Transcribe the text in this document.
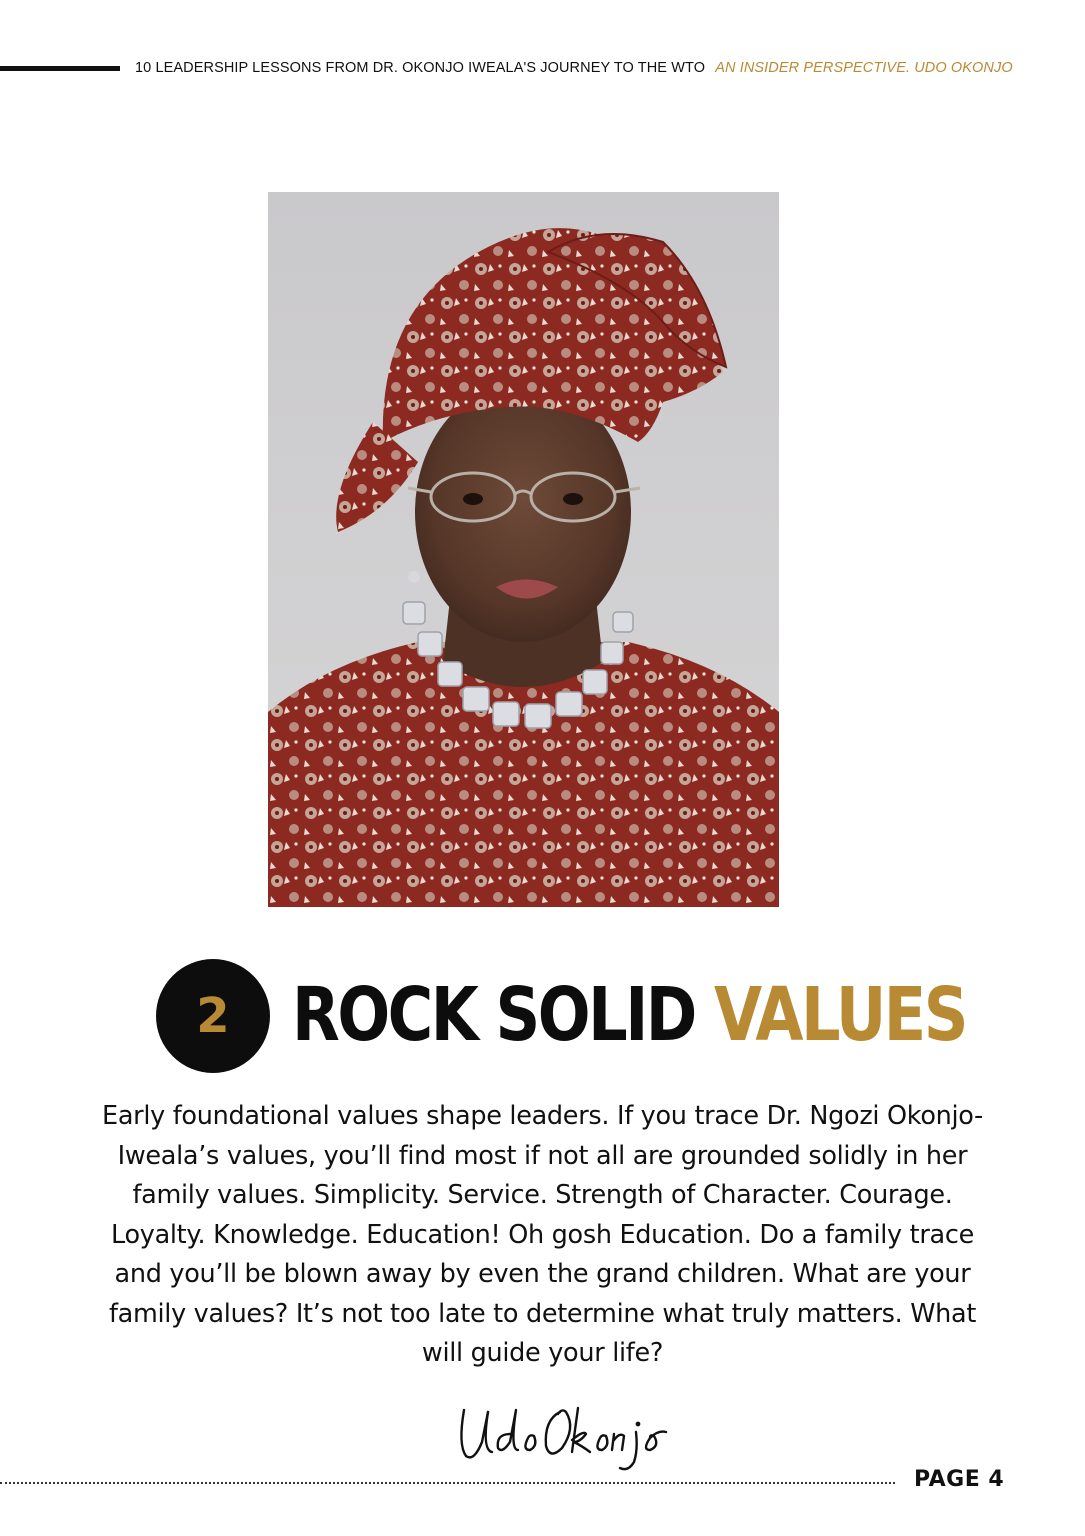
10 LEADERSHIP LESSONS FROM DR. OKONJO IWEALA'S JOURNEY TO THE WTO AN INSIDER PERSPECTIVE. UDO OKONJO
2 ROCK SOLID VALUES
Early foundational values shape leaders. If you trace Dr. Ngozi Okonjo-Iweala’s values, you’ll find most if not all are grounded solidly in her family values. Simplicity. Service. Strength of Character. Courage. Loyalty. Knowledge. Education! Oh gosh Education. Do a family trace and you’ll be blown away by even the grand children. What are your family values? It’s not too late to determine what truly matters. What will guide your life?
PAGE 4
